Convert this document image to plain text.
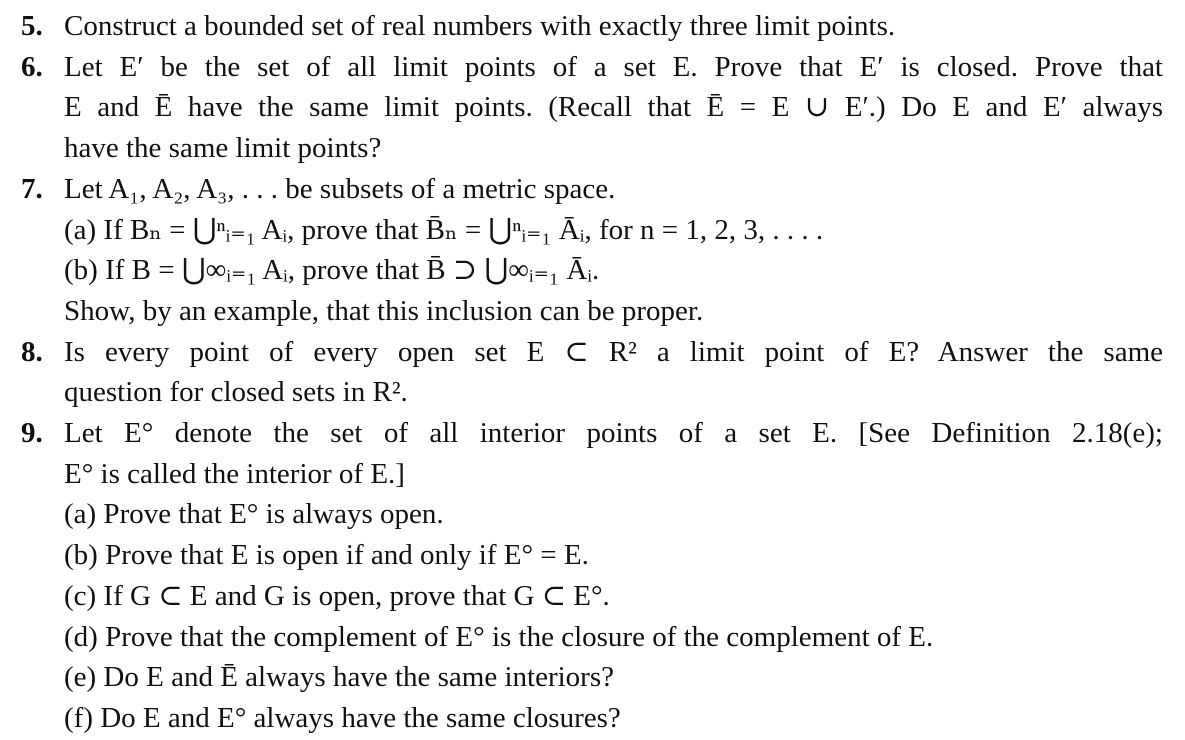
5. Construct a bounded set of real numbers with exactly three limit points.
6. Let E′ be the set of all limit points of a set E. Prove that E′ is closed. Prove that
E and Ē have the same limit points. (Recall that Ē = E ∪ E′.) Do E and E′ always
have the same limit points?
7. Let A₁, A₂, A₃, . . . be subsets of a metric space.
(a) If Bₙ = ⋃ⁿᵢ₌₁ Aᵢ, prove that B̄ₙ = ⋃ⁿᵢ₌₁ Āᵢ, for n = 1, 2, 3, . . . .
(b) If B = ⋃∞ᵢ₌₁ Aᵢ, prove that B̄ ⊃ ⋃∞ᵢ₌₁ Āᵢ.
Show, by an example, that this inclusion can be proper.
8. Is every point of every open set E ⊂ R² a limit point of E? Answer the same
question for closed sets in R².
9. Let E° denote the set of all interior points of a set E. [See Definition 2.18(e);
E° is called the interior of E.]
(a) Prove that E° is always open.
(b) Prove that E is open if and only if E° = E.
(c) If G ⊂ E and G is open, prove that G ⊂ E°.
(d) Prove that the complement of E° is the closure of the complement of E.
(e) Do E and Ē always have the same interiors?
(f) Do E and E° always have the same closures?
